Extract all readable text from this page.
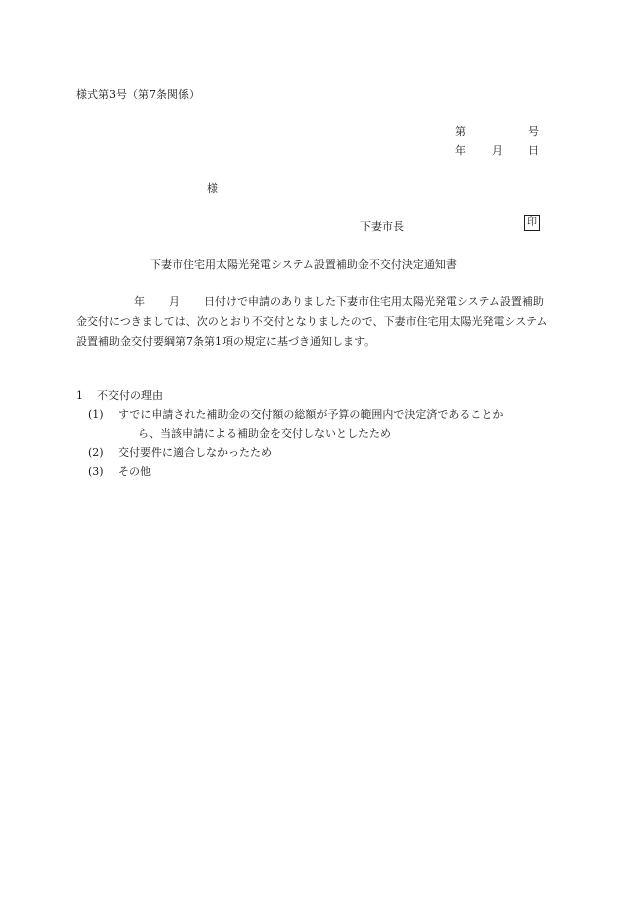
様式第3号（第7条関係）
第	号
年 月 日
様
下妻市長	印
下妻市住宅用太陽光発電システム設置補助金不交付決定通知書
年 月 日付けで申請のありました下妻市住宅用太陽光発電システム設置補助金交付につきましては、次のとおり不交付となりましたので、下妻市住宅用太陽光発電システム設置補助金交付要綱第7条第1項の規定に基づき通知します。
1 不交付の理由
(1) すでに申請された補助金の交付額の総額が予算の範囲内で決定済であることか
ら、当該申請による補助金を交付しないとしたため
(2) 交付要件に適合しなかったため
(3) その他
